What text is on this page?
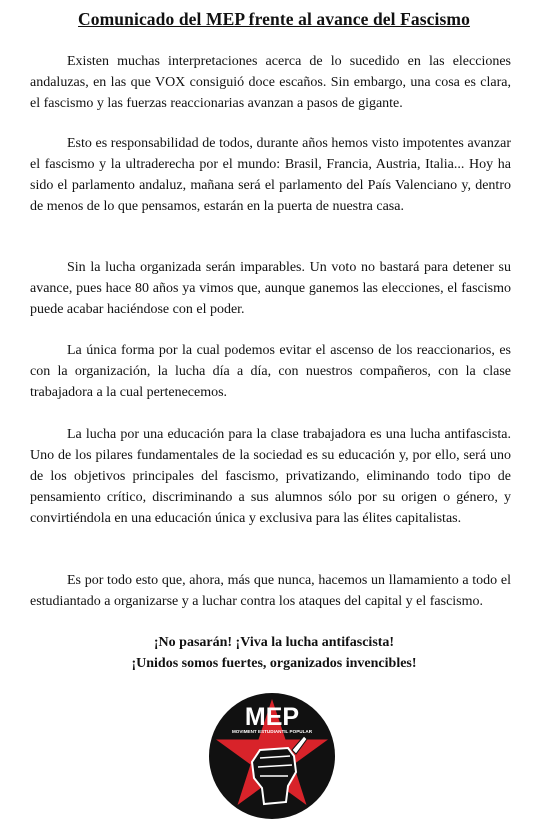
Comunicado del MEP frente al avance del Fascismo

Existen muchas interpretaciones acerca de lo sucedido en las elecciones andaluzas, en las que VOX consiguió doce escaños. Sin embargo, una cosa es clara, el fascismo y las fuerzas reaccionarias avanzan a pasos de gigante.

Esto es responsabilidad de todos, durante años hemos visto impotentes avanzar el fascismo y la ultraderecha por el mundo: Brasil, Francia, Austria, Italia... Hoy ha sido el parlamento andaluz, mañana será el parlamento del País Valenciano y, dentro de menos de lo que pensamos, estarán en la puerta de nuestra casa.

Sin la lucha organizada serán imparables. Un voto no bastará para detener su avance, pues hace 80 años ya vimos que, aunque ganemos las elecciones, el fascismo puede acabar haciéndose con el poder.

La única forma por la cual podemos evitar el ascenso de los reaccionarios, es con la organización, la lucha día a día, con nuestros compañeros, con la clase trabajadora a la cual pertenecemos.

La lucha por una educación para la clase trabajadora es una lucha antifascista. Uno de los pilares fundamentales de la sociedad es su educación y, por ello, será uno de los objetivos principales del fascismo, privatizando, eliminando todo tipo de pensamiento crítico, discriminando a sus alumnos sólo por su origen o género, y convirtiéndola en una educación única y exclusiva para las élites capitalistas.

Es por todo esto que, ahora, más que nunca, hacemos un llamamiento a todo el estudiantado a organizarse y a luchar contra los ataques del capital y el fascismo.

¡No pasarán! ¡Viva la lucha antifascista!
¡Unidos somos fuertes, organizados invencibles!
MEP
MOVIMENT ESTUDIANTIL POPULAR
